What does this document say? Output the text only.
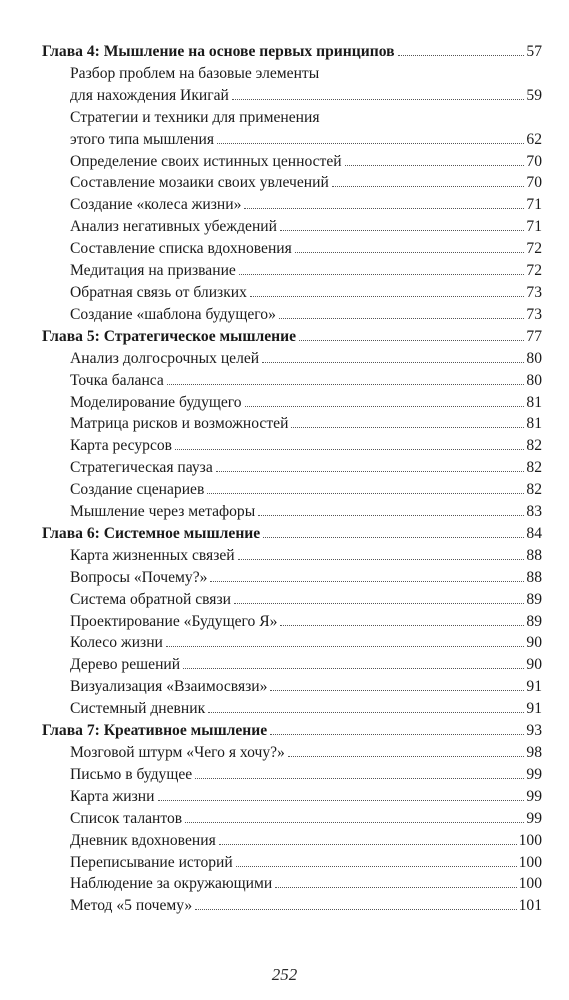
Глава 4: Мышление на основе первых принципов	57
Разбор проблем на базовые элементы
для нахождения Икигай	59
Стратегии и техники для применения
этого типа мышления	62
Определение своих истинных ценностей	70
Составление мозаики своих увлечений	70
Создание «колеса жизни»	71
Анализ негативных убеждений	71
Составление списка вдохновения	72
Медитация на призвание	72
Обратная связь от близких	73
Создание «шаблона будущего»	73
Глава 5: Стратегическое мышление	77
Анализ долгосрочных целей	80
Точка баланса	80
Моделирование будущего	81
Матрица рисков и возможностей	81
Карта ресурсов	82
Стратегическая пауза	82
Создание сценариев	82
Мышление через метафоры	83
Глава 6: Системное мышление	84
Карта жизненных связей	88
Вопросы «Почему?»	88
Система обратной связи	89
Проектирование «Будущего Я»	89
Колесо жизни	90
Дерево решений	90
Визуализация «Взаимосвязи»	91
Системный дневник	91
Глава 7: Креативное мышление	93
Мозговой штурм «Чего я хочу?»	98
Письмо в будущее	99
Карта жизни	99
Список талантов	99
Дневник вдохновения	100
Переписывание историй	100
Наблюдение за окружающими	100
Метод «5 почему»	101
252
